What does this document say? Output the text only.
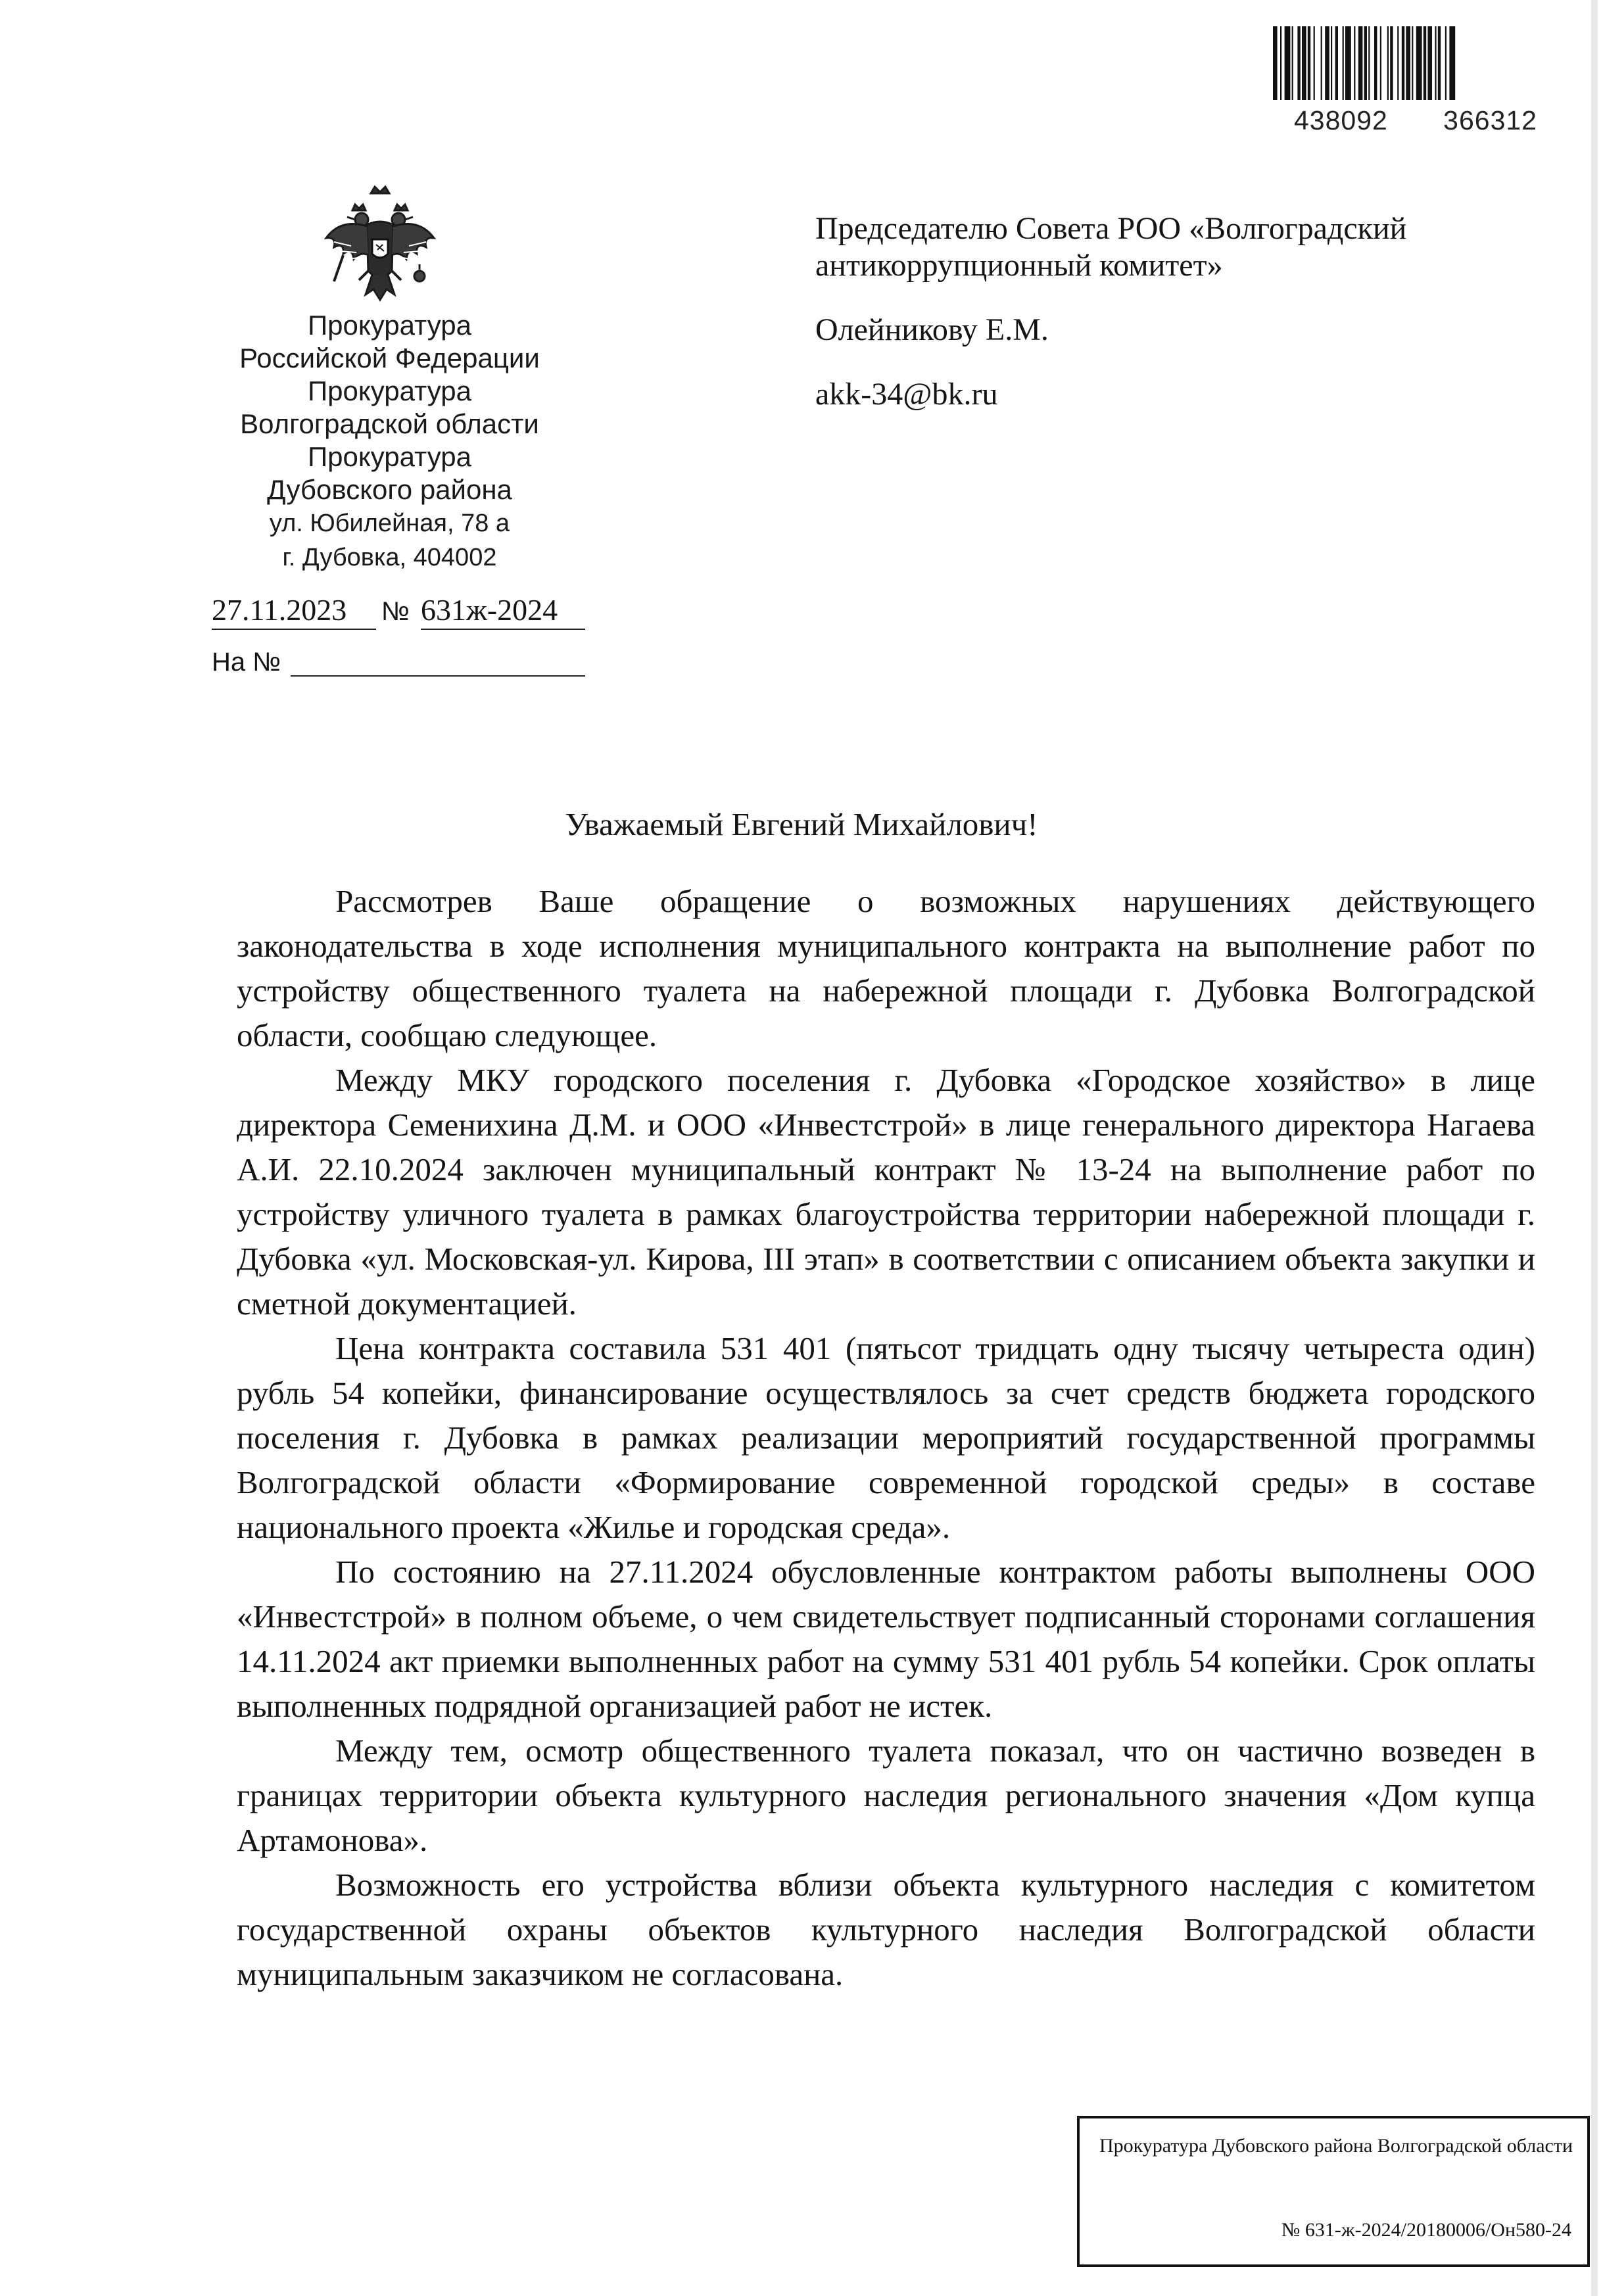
438092 366312
Прокуратура
Российской Федерации
Прокуратура
Волгоградской области
Прокуратура
Дубовского района
ул. Юбилейная, 78 а
г. Дубовка, 404002
27.11.2023	№ 631ж-2024
На №
Председателю Совета РОО «Волгоградский
антикоррупционный комитет»
Олейникову Е.М.
akk-34@bk.ru
Уважаемый Евгений Михайлович!

Рассмотрев Ваше обращение о возможных нарушениях действующего законодательства в ходе исполнения муниципального контракта на выполнение работ по устройству общественного туалета на набережной площади г. Дубовка Волгоградской области, сообщаю следующее.

Между МКУ городского поселения г. Дубовка «Городское хозяйство» в лице директора Семенихина Д.М. и ООО «Инвестстрой» в лице генерального директора Нагаева А.И. 22.10.2024 заключен муниципальный контракт № 13-24 на выполнение работ по устройству уличного туалета в рамках благоустройства территории набережной площади г. Дубовка «ул. Московская-ул. Кирова, III этап» в соответствии с описанием объекта закупки и сметной документацией.

Цена контракта составила 531 401 (пятьсот тридцать одну тысячу четыреста один) рубль 54 копейки, финансирование осуществлялось за счет средств бюджета городского поселения г. Дубовка в рамках реализации мероприятий государственной программы Волгоградской области «Формирование современной городской среды» в составе национального проекта «Жилье и городская среда».

По состоянию на 27.11.2024 обусловленные контрактом работы выполнены ООО «Инвестстрой» в полном объеме, о чем свидетельствует подписанный сторонами соглашения 14.11.2024 акт приемки выполненных работ на сумму 531 401 рубль 54 копейки. Срок оплаты выполненных подрядной организацией работ не истек.

Между тем, осмотр общественного туалета показал, что он частично возведен в границах территории объекта культурного наследия регионального значения «Дом купца Артамонова».

Возможность его устройства вблизи объекта культурного наследия с комитетом государственной охраны объектов культурного наследия Волгоградской области муниципальным заказчиком не согласована.

Прокуратура Дубовского района Волгоградской области
№ 631-ж-2024/20180006/Он580-24
